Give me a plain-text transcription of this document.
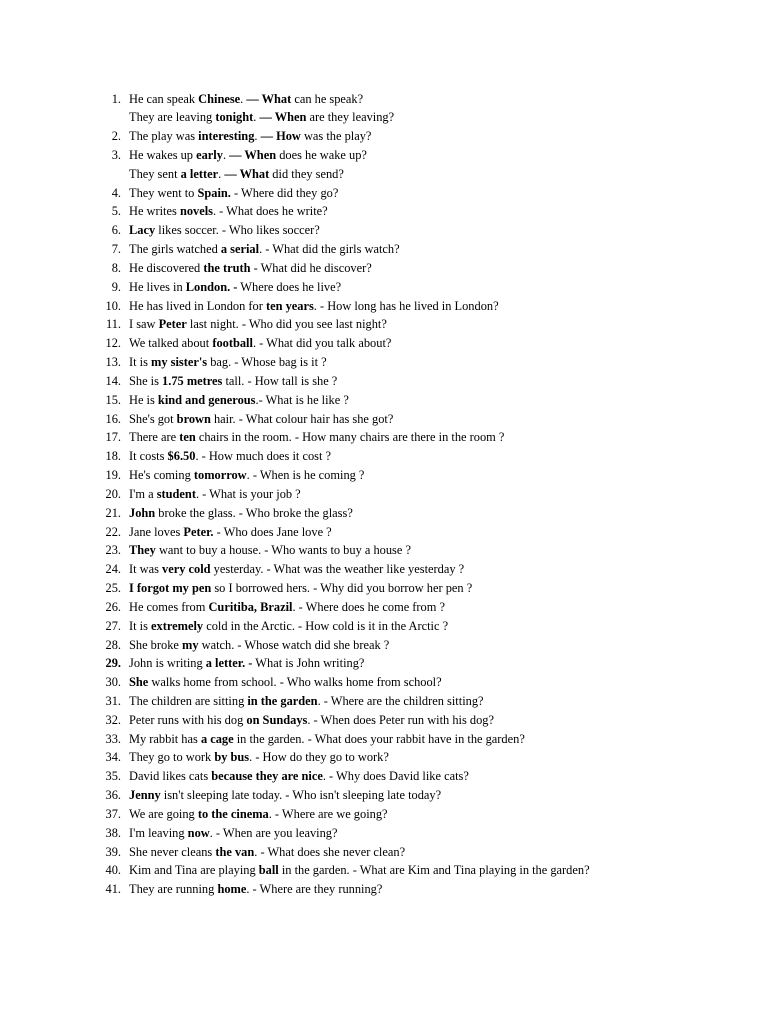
1. He can speak Chinese. — What can he speak?
They are leaving tonight. — When are they leaving?
2. The play was interesting. — How was the play?
3. He wakes up early. — When does he wake up?
They sent a letter. — What did they send?
4. They went to Spain. - Where did they go?
5. He writes novels. - What does he write?
6. Lacy likes soccer. - Who likes soccer?
7. The girls watched a serial. - What did the girls watch?
8. He discovered the truth - What did he discover?
9. He lives in London. - Where does he live?
10. He has lived in London for ten years. - How long has he lived in London?
11. I saw Peter last night. - Who did you see last night?
12. We talked about football. - What did you talk about?
13. It is my sister's bag. - Whose bag is it ?
14. She is 1.75 metres tall. - How tall is she ?
15. He is kind and generous.- What is he like ?
16. She's got brown hair. - What colour hair has she got?
17. There are ten chairs in the room. - How many chairs are there in the room ?
18. It costs $6.50. - How much does it cost ?
19. He's coming tomorrow. - When is he coming ?
20. I'm a student. - What is your job ?
21. John broke the glass. - Who broke the glass?
22. Jane loves Peter. - Who does Jane love ?
23. They want to buy a house. - Who wants to buy a house ?
24. It was very cold yesterday. - What was the weather like yesterday ?
25. I forgot my pen so I borrowed hers. - Why did you borrow her pen ?
26. He comes from Curitiba, Brazil. - Where does he come from ?
27. It is extremely cold in the Arctic. - How cold is it in the Arctic ?
28. She broke my watch. - Whose watch did she break ?
29. John is writing a letter. - What is John writing?
30. She walks home from school. - Who walks home from school?
31. The children are sitting in the garden. - Where are the children sitting?
32. Peter runs with his dog on Sundays. - When does Peter run with his dog?
33. My rabbit has a cage in the garden. - What does your rabbit have in the garden?
34. They go to work by bus. - How do they go to work?
35. David likes cats because they are nice. - Why does David like cats?
36. Jenny isn't sleeping late today. - Who isn't sleeping late today?
37. We are going to the cinema. - Where are we going?
38. I'm leaving now. - When are you leaving?
39. She never cleans the van. - What does she never clean?
40. Kim and Tina are playing ball in the garden. - What are Kim and Tina playing in the garden?
41. They are running home. - Where are they running?
